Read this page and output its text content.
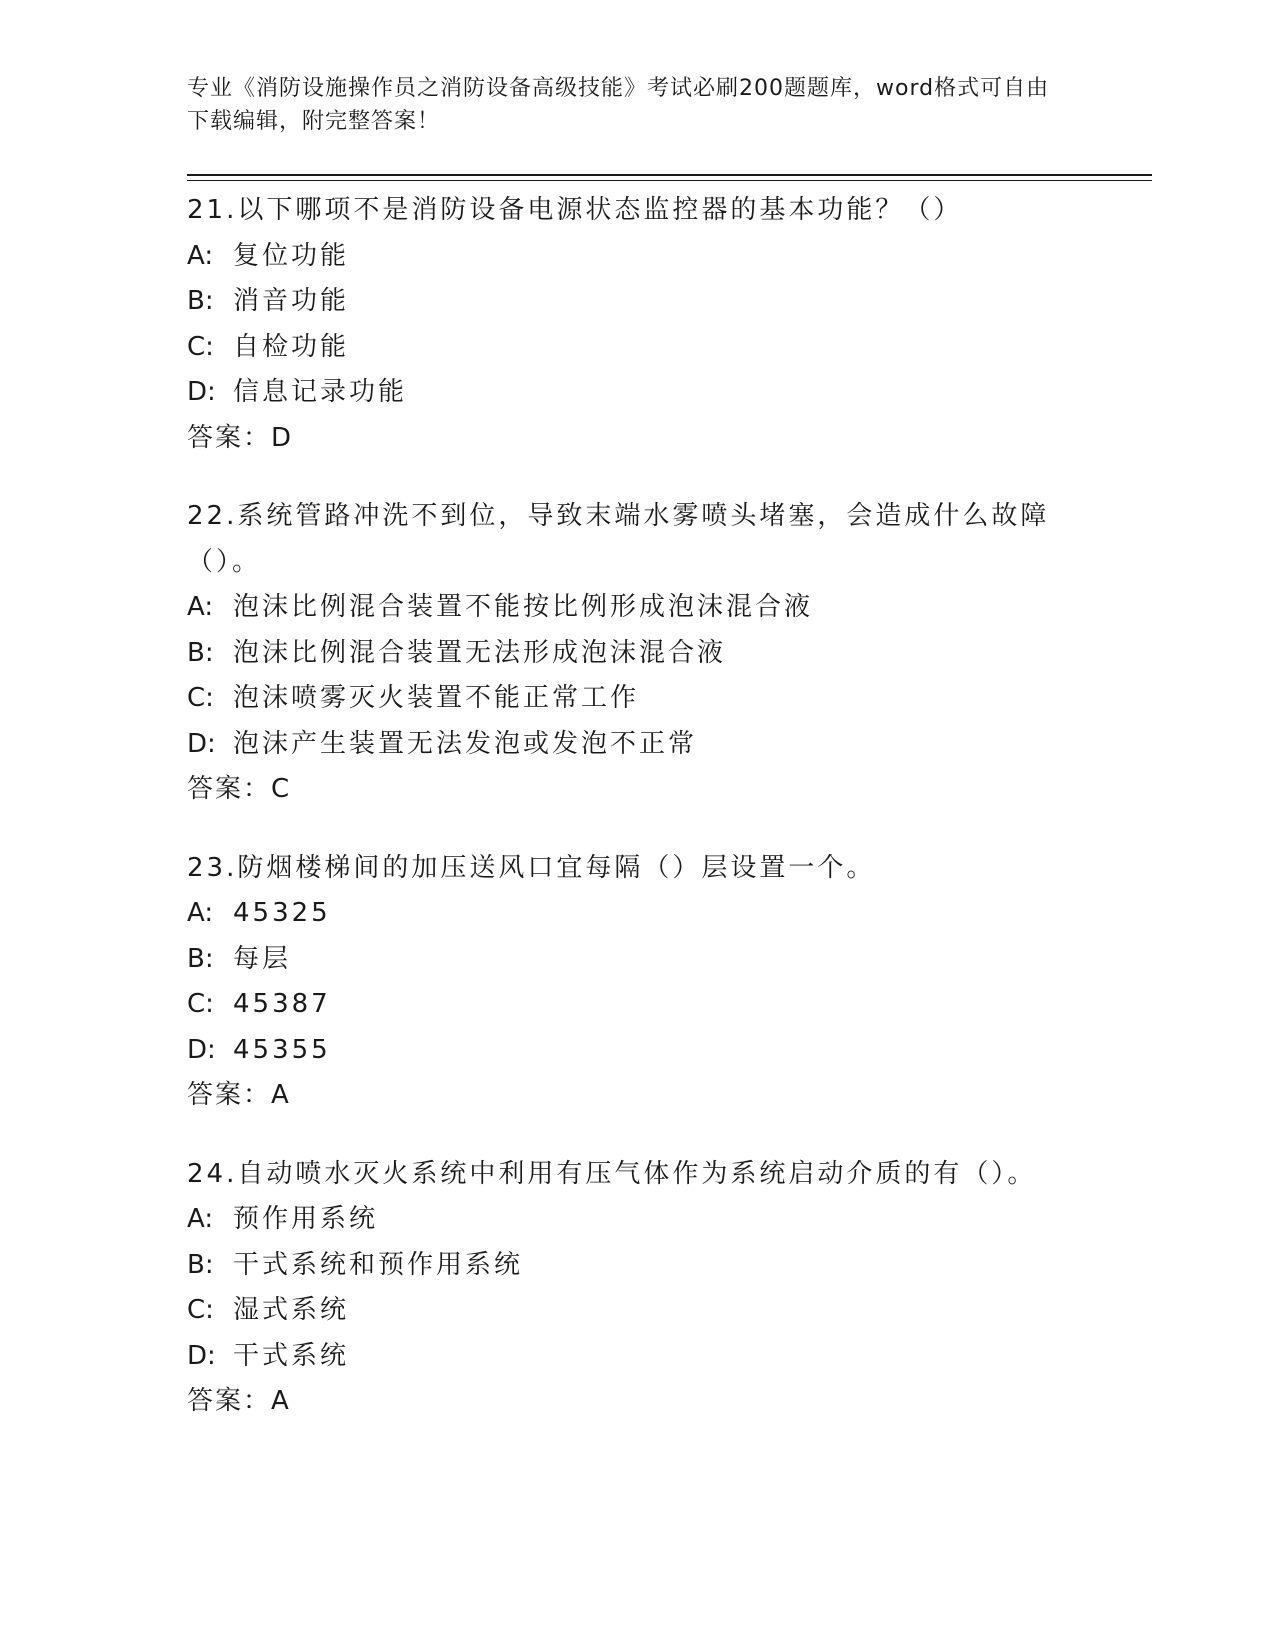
专业《消防设施操作员之消防设备高级技能》考试必刷200题题库，word格式可自由下载编辑，附完整答案！
21.以下哪项不是消防设备电源状态监控器的基本功能？（）
A: 复位功能
B: 消音功能
C: 自检功能
D: 信息记录功能
答案：D
22.系统管路冲洗不到位，导致末端水雾喷头堵塞，会造成什么故障（）。
A: 泡沫比例混合装置不能按比例形成泡沫混合液
B: 泡沫比例混合装置无法形成泡沫混合液
C: 泡沫喷雾灭火装置不能正常工作
D: 泡沫产生装置无法发泡或发泡不正常
答案：C
23.防烟楼梯间的加压送风口宜每隔（）层设置一个。
A: 45325
B: 每层
C: 45387
D: 45355
答案：A
24.自动喷水灭火系统中利用有压气体作为系统启动介质的有（）。
A: 预作用系统
B: 干式系统和预作用系统
C: 湿式系统
D: 干式系统
答案：A
